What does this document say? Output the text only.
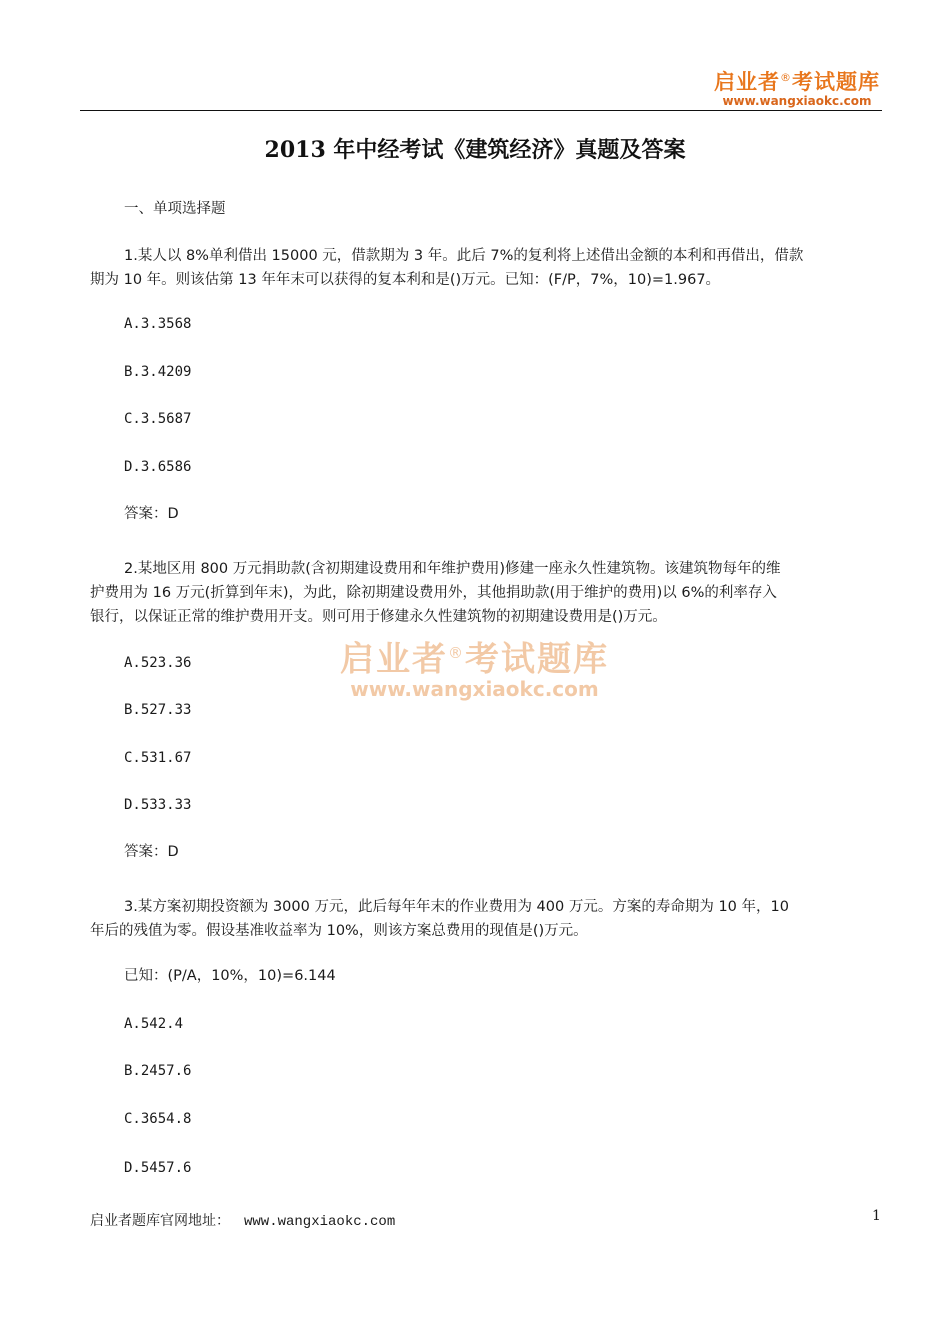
启业者®考试题库
www.wangxiaokc.com
2013 年中经考试《建筑经济》真题及答案
一、单项选择题
1.某人以 8%单利借出 15000 元，借款期为 3 年。此后 7%的复利将上述借出金额的本利和再借出，借款
期为 10 年。则该估第 13 年年末可以获得的复本利和是()万元。已知：(F/P，7%，10)=1.967。
A.3.3568
B.3.4209
C.3.5687
D.3.6586
答案：D
2.某地区用 800 万元捐助款(含初期建设费用和年维护费用)修建一座永久性建筑物。该建筑物每年的维
护费用为 16 万元(折算到年末)，为此，除初期建设费用外，其他捐助款(用于维护的费用)以 6%的利率存入
银行，以保证正常的维护费用开支。则可用于修建永久性建筑物的初期建设费用是()万元。
A.523.36
B.527.33
C.531.67
D.533.33
答案：D
3.某方案初期投资额为 3000 万元，此后每年年末的作业费用为 400 万元。方案的寿命期为 10 年，10
年后的残值为零。假设基准收益率为 10%，则该方案总费用的现值是()万元。
已知：(P/A，10%，10)=6.144
A.542.4
B.2457.6
C.3654.8
D.5457.6
启业者®考试题库
www.wangxiaokc.com
启业者题库官网地址： www.wangxiaokc.com	1
